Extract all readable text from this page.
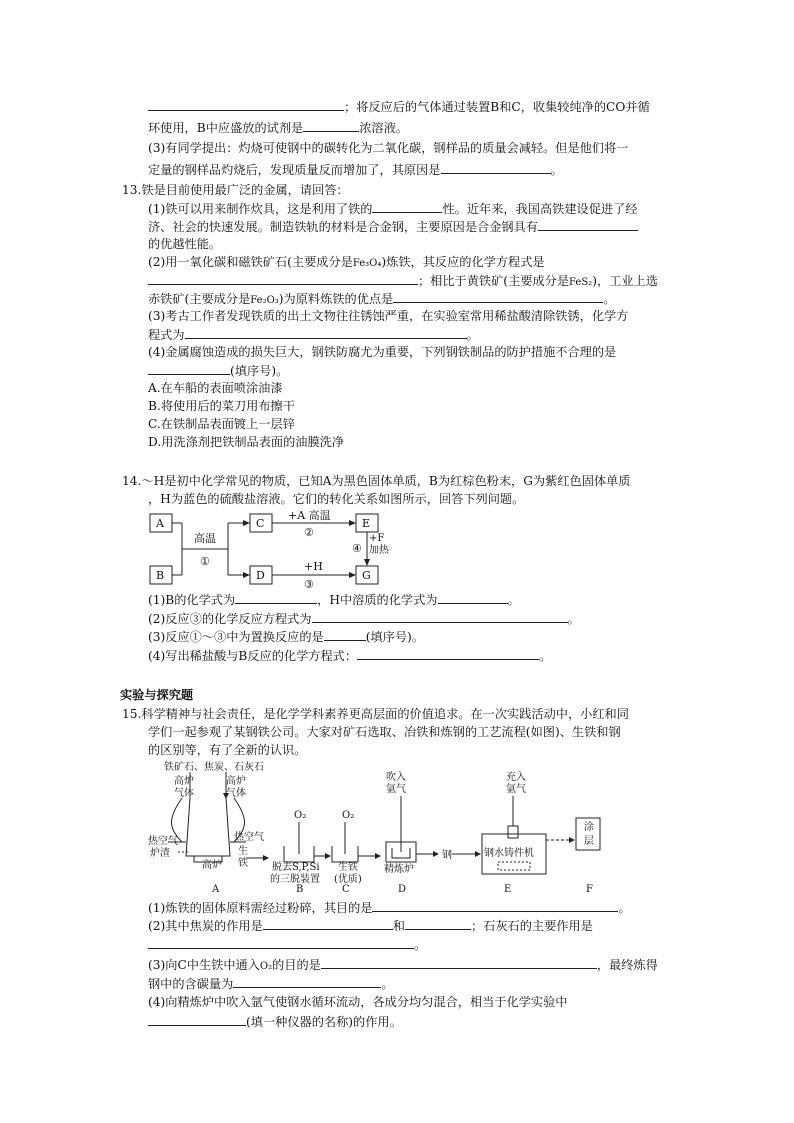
；将反应后的气体通过装置B和C，收集较纯净的CO并循
环使用，B中应盛放的试剂是	浓溶液。
(3)有同学提出：灼烧可使钢中的碳转化为二氧化碳，钢样品的质量会减轻。但是他们将一
定量的钢样品灼烧后，发现质量反而增加了，其原因是	。
13.铁是目前使用最广泛的金属，请回答：
(1)铁可以用来制作炊具，这是利用了铁的	性。近年来，我国高铁建设促进了经
济、社会的快速发展。制造铁轨的材料是合金钢，主要原因是合金钢具有
的优越性能。
(2)用一氧化碳和磁铁矿石(主要成分是Fe₃O₄)炼铁，其反应的化学方程式是
；相比于黄铁矿(主要成分是FeS₂)，工业上选
赤铁矿(主要成分是Fe₂O₃)为原料炼铁的优点是	。
(3)考古工作者发现铁质的出土文物往往锈蚀严重，在实验室常用稀盐酸清除铁锈，化学方
程式为	。
(4)金属腐蚀造成的损失巨大，钢铁防腐尤为重要，下列钢铁制品的防护措施不合理的是
(填序号)。
A.在车船的表面喷涂油漆
B.将使用后的菜刀用布擦干
C.在铁制品表面镀上一层锌
D.用洗涤剂把铁制品表面的油膜洗净
14.～H是初中化学常见的物质，已知A为黑色固体单质，B为红棕色粉末，G为紫红色固体单质
，H为蓝色的硫酸盐溶液。它们的转化关系如图所示，回答下列问题。
A
B
C
D
E
G
高温
①
+A 高温
②
+H
③
④
+F
加热
(1)B的化学式为	，H中溶质的化学式为	。
(2)反应③的化学反应方程式为	。
(3)反应①～③中为置换反应的是	(填序号)。
(4)写出稀盐酸与B反应的化学方程式：	。
实验与探究题
15.科学精神与社会责任，是化学学科素养更高层面的价值追求。在一次实践活动中，小红和同
学们一起参观了某钢铁公司。大家对矿石选取、冶铁和炼钢的工艺流程(如图)、生铁和钢
的区别等，有了全新的认识。
铁矿石、焦炭、石灰石
高炉
气体
高炉
气体
热空气
炉渣
热空气
生
铁
高炉
O₂	O₂
吹入
氩气
充入
氩气
脱去S,P,Si
的三脱装置
生铁
(优质)
精炼炉
钢	钢水铸件机
涂
层
A	B	C	D	E	F
(1)炼铁的固体原料需经过粉碎，其目的是	。
(2)其中焦炭的作用是	和	；石灰石的主要作用是
。
(3)向C中生铁中通入O₂的目的是	，最终炼得
钢中的含碳量为	。
(4)向精炼炉中吹入氩气使钢水循环流动，各成分均匀混合，相当于化学实验中
(填一种仪器的名称)的作用。
